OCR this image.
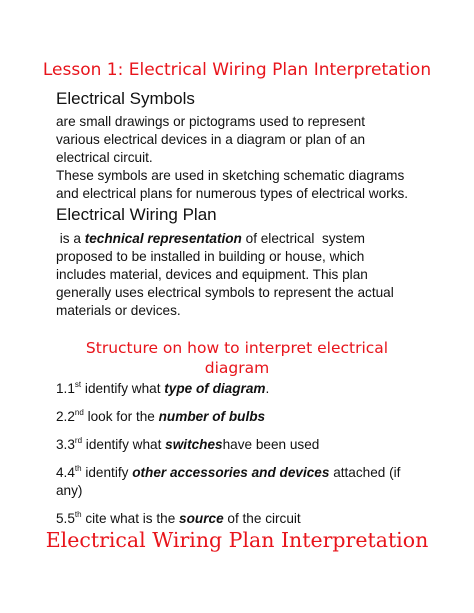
Lesson 1: Electrical Wiring Plan Interpretation
Electrical Symbols

are small drawings or pictograms used to represent
various electrical devices in a diagram or plan of an
electrical circuit.
These symbols are used in sketching schematic diagrams
and electrical plans for numerous types of electrical works.

Electrical Wiring Plan

is a technical representation of electrical  system
proposed to be installed in building or house, which
includes material, devices and equipment. This plan
generally uses electrical symbols to represent the actual
materials or devices.

Structure on how to interpret electrical
diagram
1.1st identify what type of diagram.
2.2nd look for the number of bulbs
3.3rd identify what switcheshave been used
4.4th identify other accessories and devices attached (if
any)
5.5th cite what is the source of the circuit
Electrical Wiring Plan Interpretation
